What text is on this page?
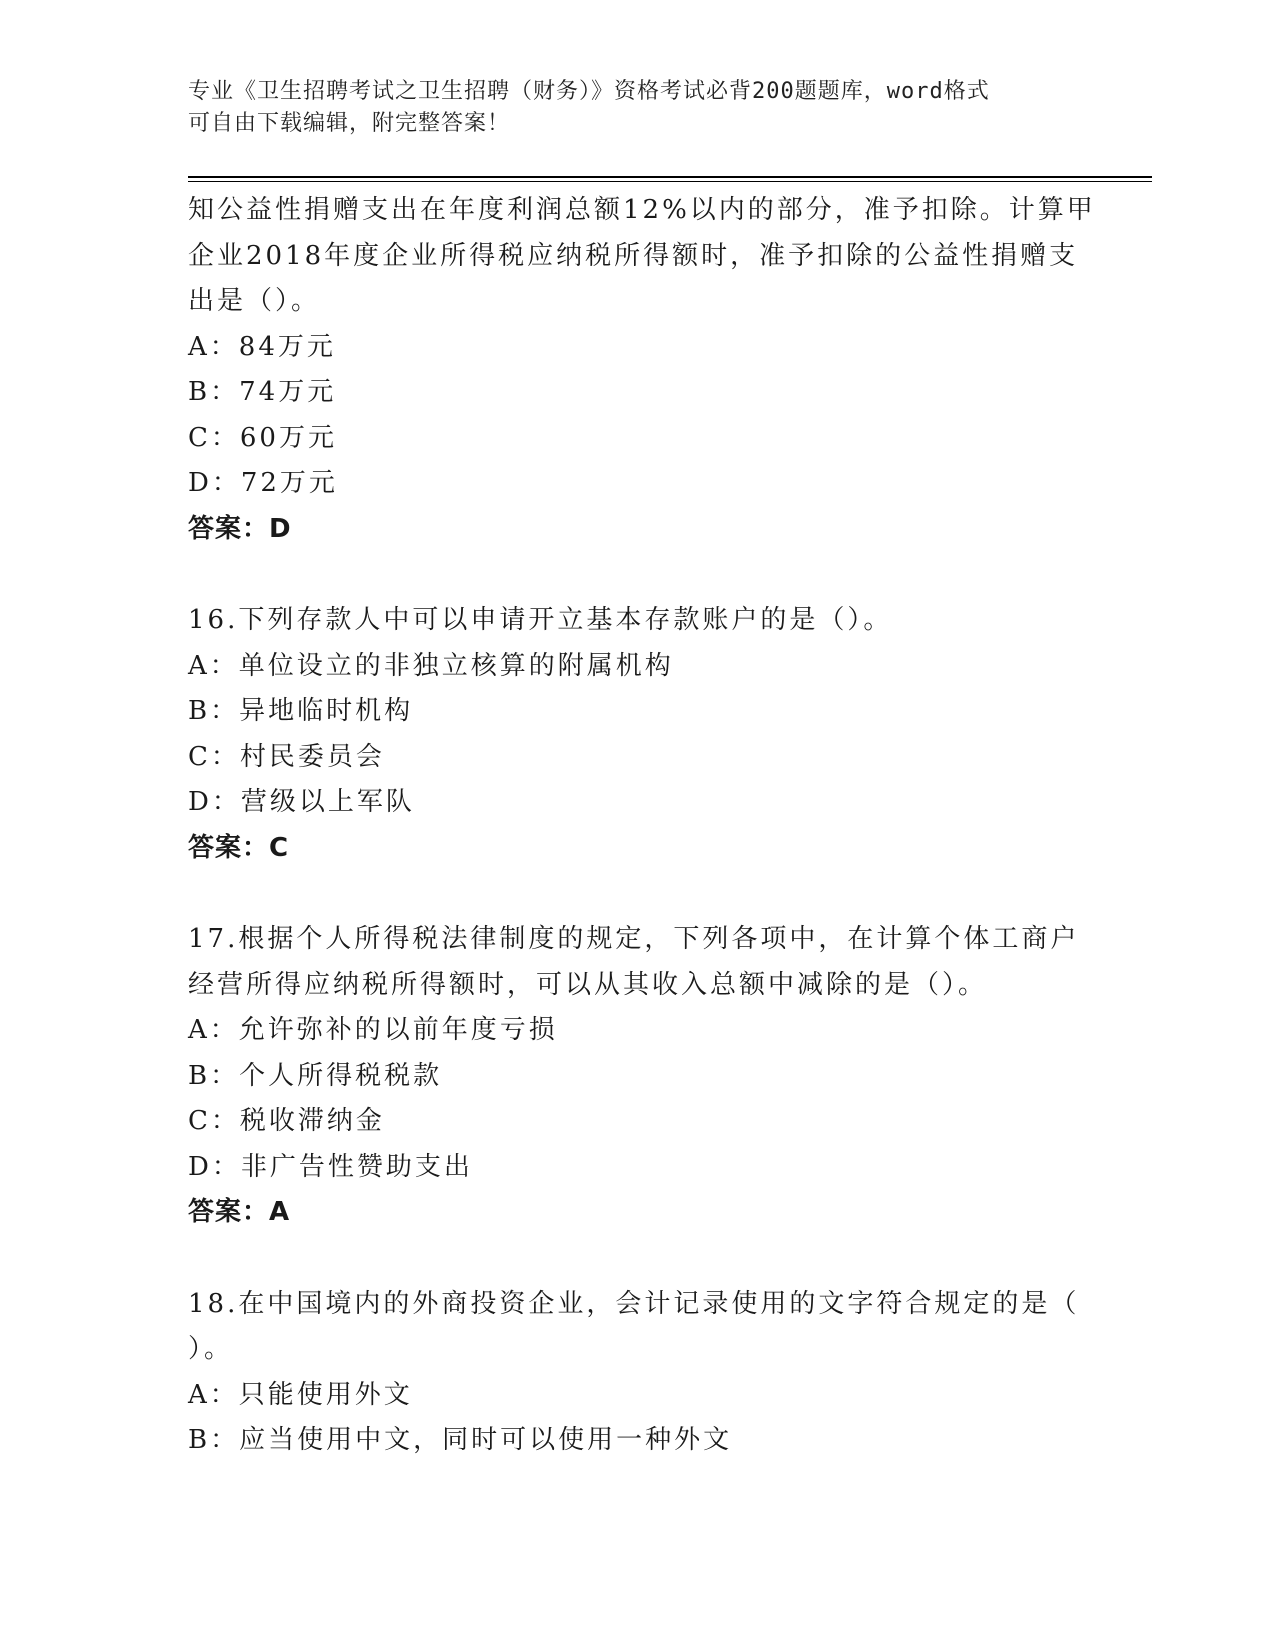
专业《卫生招聘考试之卫生招聘（财务）》资格考试必背200题题库，word格式
可自由下载编辑，附完整答案！
知公益性捐赠支出在年度利润总额12%以内的部分，准予扣除。计算甲
企业2018年度企业所得税应纳税所得额时，准予扣除的公益性捐赠支
出是（）。
A：84万元
B：74万元
C：60万元
D：72万元
答案：D
16.下列存款人中可以申请开立基本存款账户的是（）。
A：单位设立的非独立核算的附属机构
B：异地临时机构
C：村民委员会
D：营级以上军队
答案：C
17.根据个人所得税法律制度的规定，下列各项中，在计算个体工商户
经营所得应纳税所得额时，可以从其收入总额中减除的是（）。
A：允许弥补的以前年度亏损
B：个人所得税税款
C：税收滞纳金
D：非广告性赞助支出
答案：A
18.在中国境内的外商投资企业，会计记录使用的文字符合规定的是（
）。
A：只能使用外文
B：应当使用中文，同时可以使用一种外文
